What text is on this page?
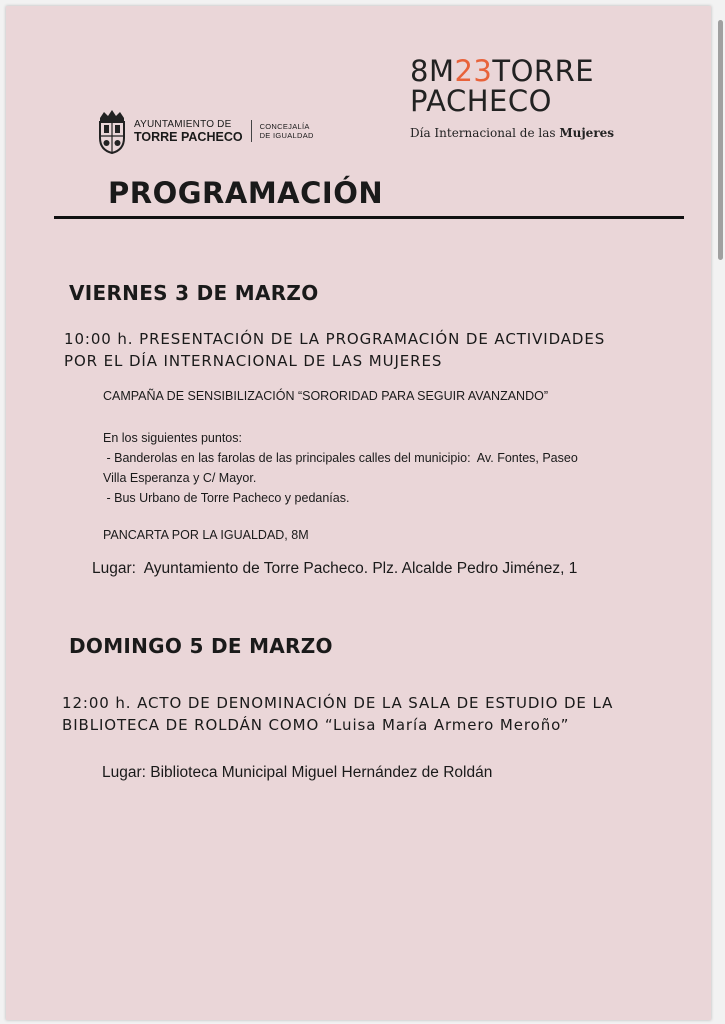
AYUNTAMIENTO DE
TORRE PACHECO
CONCEJALÍA
DE IGUALDAD
8M23TORRE
PACHECO
Día Internacional de las Mujeres
PROGRAMACIÓN
VIERNES 3 DE MARZO
10:00 h. PRESENTACIÓN DE LA PROGRAMACIÓN DE ACTIVIDADES
POR EL DÍA INTERNACIONAL DE LAS MUJERES
CAMPAÑA DE SENSIBILIZACIÓN “SORORIDAD PARA SEGUIR AVANZANDO”
En los siguientes puntos:
- Banderolas en las farolas de las principales calles del municipio:  Av. Fontes, Paseo
Villa Esperanza y C/ Mayor.
- Bus Urbano de Torre Pacheco y pedanías.
PANCARTA POR LA IGUALDAD, 8M
Lugar:  Ayuntamiento de Torre Pacheco. Plz. Alcalde Pedro Jiménez, 1
DOMINGO 5 DE MARZO
12:00 h. ACTO DE DENOMINACIÓN DE LA SALA DE ESTUDIO DE LA
BIBLIOTECA DE ROLDÁN COMO “Luisa María Armero Meroño”
Lugar: Biblioteca Municipal Miguel Hernández de Roldán
